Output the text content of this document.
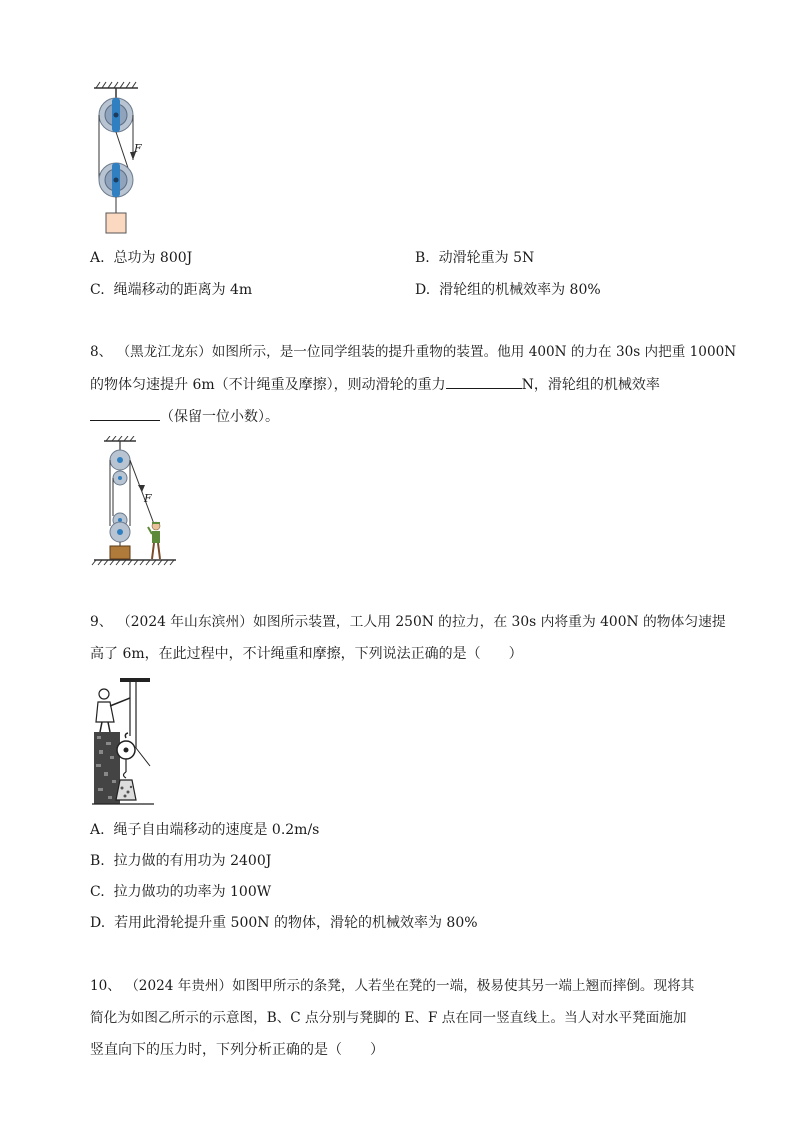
F
A. 总功为 800J	B. 动滑轮重为 5N
C. 绳端移动的距离为 4m	D. 滑轮组的机械效率为 80%
8、 （黑龙江龙东）如图所示，是一位同学组装的提升重物的装置。他用 400N 的力在 30s 内把重 1000N
的物体匀速提升 6m（不计绳重及摩擦），则动滑轮的重力	N，滑轮组的机械效率
（保留一位小数）。
F
9、 （2024 年山东滨州）如图所示装置，工人用 250N 的拉力，在 30s 内将重为 400N 的物体匀速提
高了 6m，在此过程中，不计绳重和摩擦，下列说法正确的是（　　）
A. 绳子自由端移动的速度是 0.2m/s
B. 拉力做的有用功为 2400J
C. 拉力做功的功率为 100W
D. 若用此滑轮提升重 500N 的物体，滑轮的机械效率为 80%
10、 （2024 年贵州）如图甲所示的条凳，人若坐在凳的一端，极易使其另一端上翘而摔倒。现将其
简化为如图乙所示的示意图，B、C 点分别与凳脚的 E、F 点在同一竖直线上。当人对水平凳面施加
竖直向下的压力时，下列分析正确的是（　　）
